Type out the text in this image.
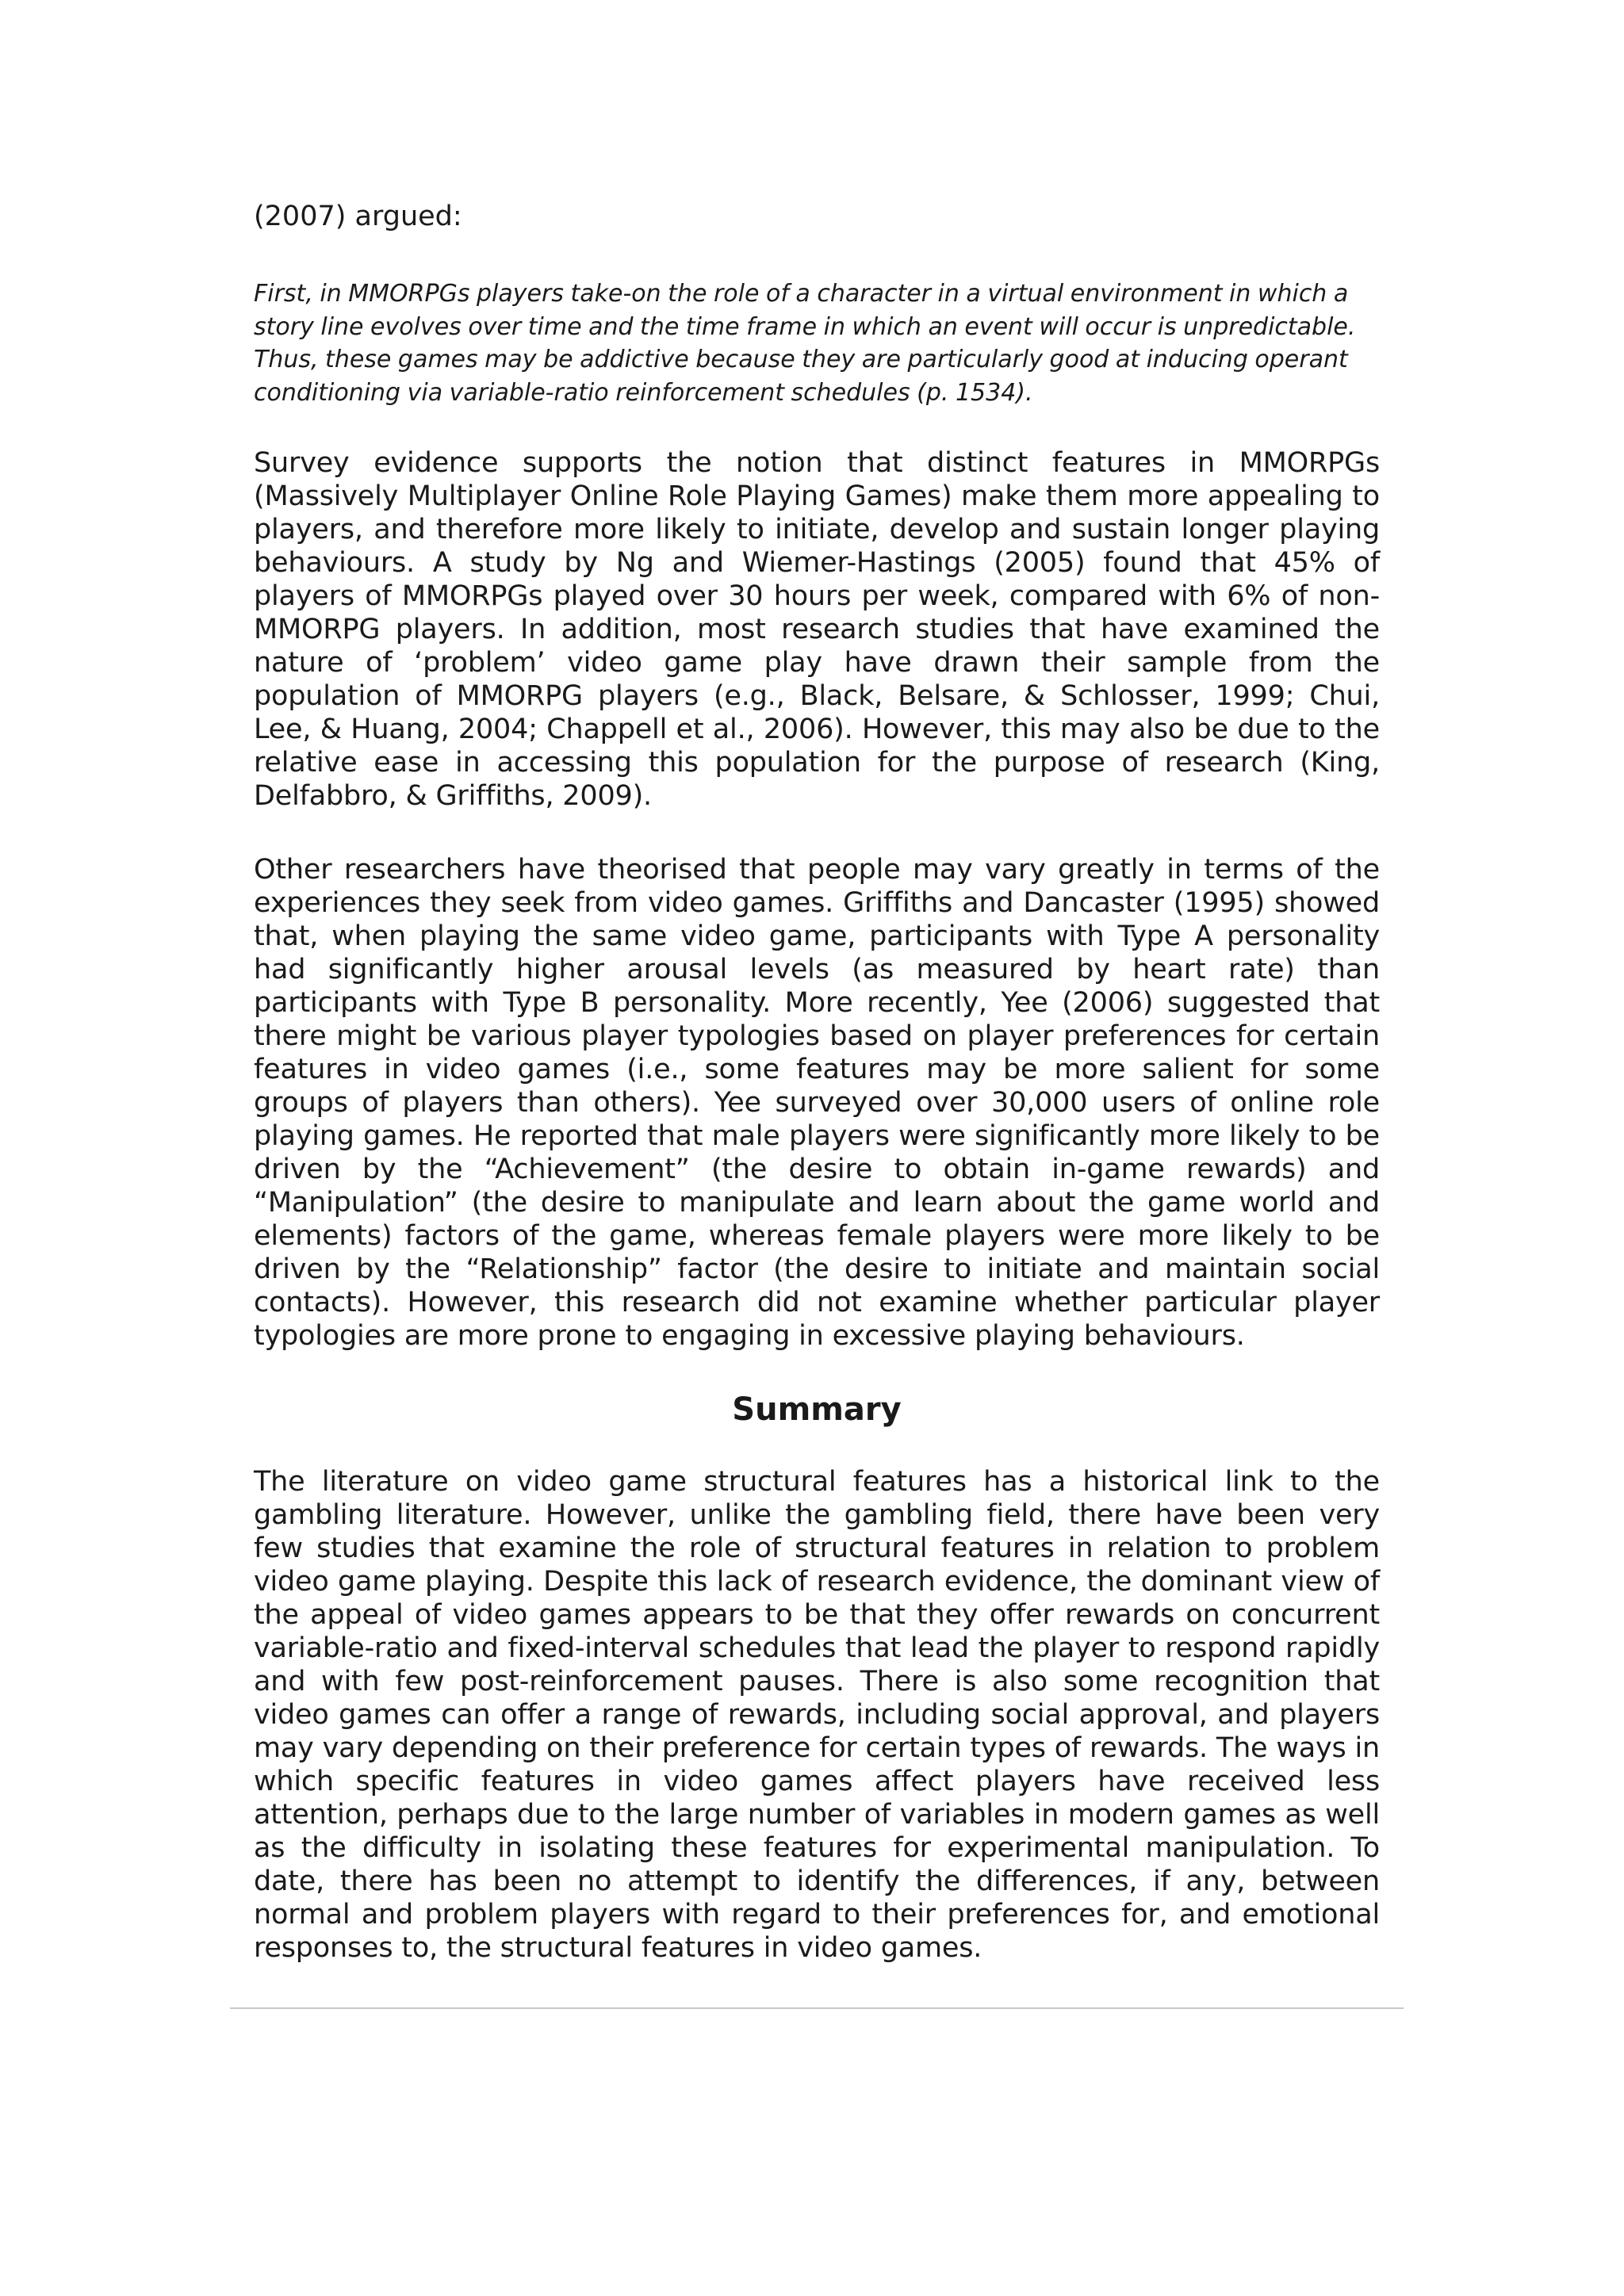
(2007) argued:

First, in MMORPGs players take-on the role of a character in a virtual environment in which a story line evolves over time and the time frame in which an event will occur is unpredictable. Thus, these games may be addictive because they are particularly good at inducing operant conditioning via variable-ratio reinforcement schedules (p. 1534).

Survey evidence supports the notion that distinct features in MMORPGs (Massively Multiplayer Online Role Playing Games) make them more appealing to players, and therefore more likely to initiate, develop and sustain longer playing behaviours. A study by Ng and Wiemer-Hastings (2005) found that 45% of players of MMORPGs played over 30 hours per week, compared with 6% of non-MMORPG players. In addition, most research studies that have examined the nature of ‘problem’ video game play have drawn their sample from the population of MMORPG players (e.g., Black, Belsare, & Schlosser, 1999; Chui, Lee, & Huang, 2004; Chappell et al., 2006). However, this may also be due to the relative ease in accessing this population for the purpose of research (King, Delfabbro, & Griffiths, 2009).

Other researchers have theorised that people may vary greatly in terms of the experiences they seek from video games. Griffiths and Dancaster (1995) showed that, when playing the same video game, participants with Type A personality had significantly higher arousal levels (as measured by heart rate) than participants with Type B personality. More recently, Yee (2006) suggested that there might be various player typologies based on player preferences for certain features in video games (i.e., some features may be more salient for some groups of players than others). Yee surveyed over 30,000 users of online role playing games. He reported that male players were significantly more likely to be driven by the “Achievement” (the desire to obtain in-game rewards) and “Manipulation” (the desire to manipulate and learn about the game world and elements) factors of the game, whereas female players were more likely to be driven by the “Relationship” factor (the desire to initiate and maintain social contacts). However, this research did not examine whether particular player typologies are more prone to engaging in excessive playing behaviours.

Summary

The literature on video game structural features has a historical link to the gambling literature. However, unlike the gambling field, there have been very few studies that examine the role of structural features in relation to problem video game playing. Despite this lack of research evidence, the dominant view of the appeal of video games appears to be that they offer rewards on concurrent variable-ratio and fixed-interval schedules that lead the player to respond rapidly and with few post-reinforcement pauses. There is also some recognition that video games can offer a range of rewards, including social approval, and players may vary depending on their preference for certain types of rewards. The ways in which specific features in video games affect players have received less attention, perhaps due to the large number of variables in modern games as well as the difficulty in isolating these features for experimental manipulation. To date, there has been no attempt to identify the differences, if any, between normal and problem players with regard to their preferences for, and emotional responses to, the structural features in video games.
